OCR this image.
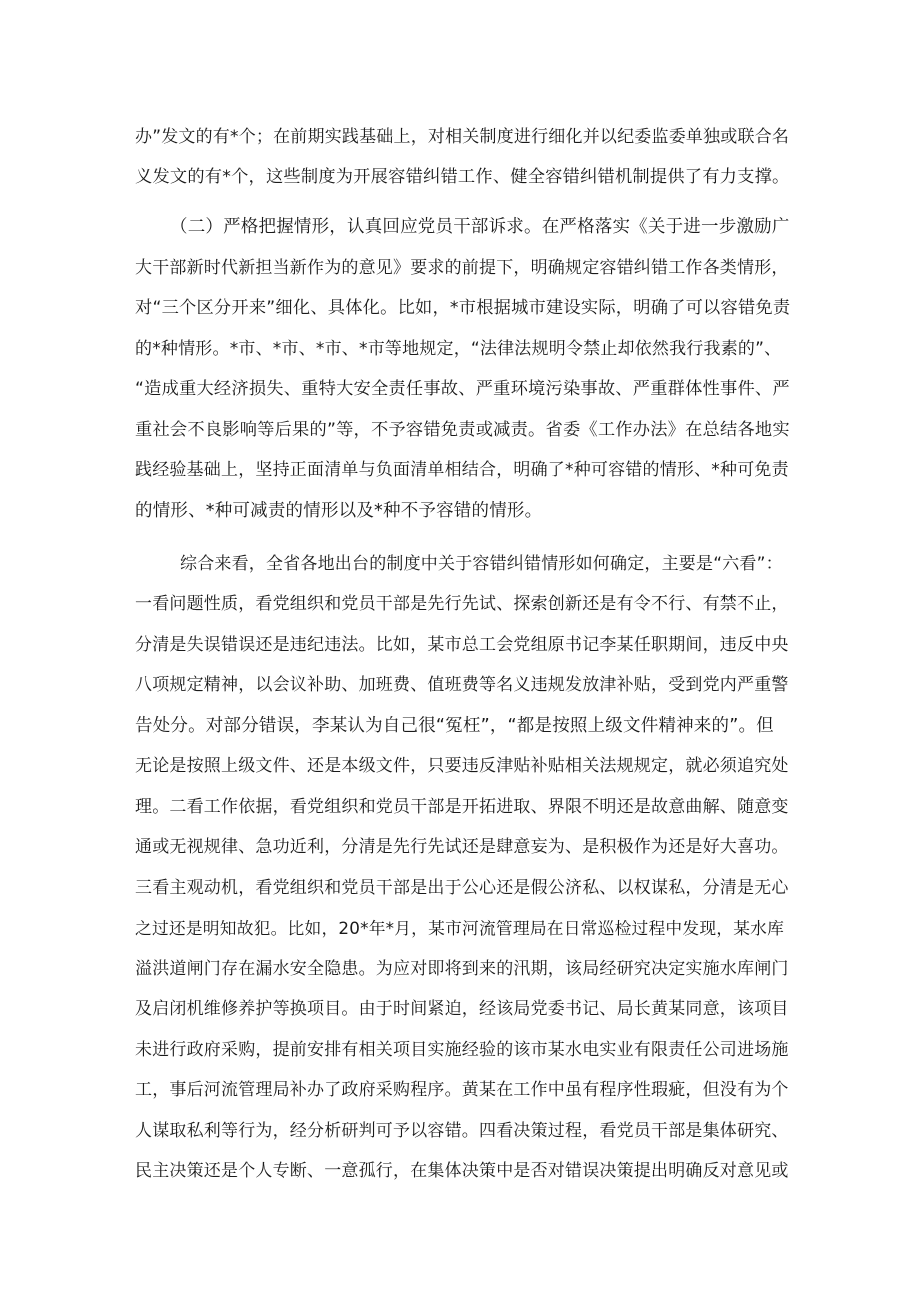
办”发文的有*个；在前期实践基础上，对相关制度进行细化并以纪委监委单独或联合名
义发文的有*个，这些制度为开展容错纠错工作、健全容错纠错机制提供了有力支撑。
（二）严格把握情形，认真回应党员干部诉求。在严格落实《关于进一步激励广
大干部新时代新担当新作为的意见》要求的前提下，明确规定容错纠错工作各类情形，
对“三个区分开来”细化、具体化。比如，*市根据城市建设实际，明确了可以容错免责
的*种情形。*市、*市、*市、*市等地规定，“法律法规明令禁止却依然我行我素的”、
“造成重大经济损失、重特大安全责任事故、严重环境污染事故、严重群体性事件、严
重社会不良影响等后果的”等，不予容错免责或减责。省委《工作办法》在总结各地实
践经验基础上，坚持正面清单与负面清单相结合，明确了*种可容错的情形、*种可免责
的情形、*种可减责的情形以及*种不予容错的情形。
综合来看，全省各地出台的制度中关于容错纠错情形如何确定，主要是“六看”：
一看问题性质，看党组织和党员干部是先行先试、探索创新还是有令不行、有禁不止，
分清是失误错误还是违纪违法。比如，某市总工会党组原书记李某任职期间，违反中央
八项规定精神，以会议补助、加班费、值班费等名义违规发放津补贴，受到党内严重警
告处分。对部分错误，李某认为自己很“冤枉”，“都是按照上级文件精神来的”。但
无论是按照上级文件、还是本级文件，只要违反津贴补贴相关法规规定，就必须追究处
理。二看工作依据，看党组织和党员干部是开拓进取、界限不明还是故意曲解、随意变
通或无视规律、急功近利，分清是先行先试还是肆意妄为、是积极作为还是好大喜功。
三看主观动机，看党组织和党员干部是出于公心还是假公济私、以权谋私，分清是无心
之过还是明知故犯。比如，20*年*月，某市河流管理局在日常巡检过程中发现，某水库
溢洪道闸门存在漏水安全隐患。为应对即将到来的汛期，该局经研究决定实施水库闸门
及启闭机维修养护等换项目。由于时间紧迫，经该局党委书记、局长黄某同意，该项目
未进行政府采购，提前安排有相关项目实施经验的该市某水电实业有限责任公司进场施
工，事后河流管理局补办了政府采购程序。黄某在工作中虽有程序性瑕疵，但没有为个
人谋取私利等行为，经分析研判可予以容错。四看决策过程，看党员干部是集体研究、
民主决策还是个人专断、一意孤行，在集体决策中是否对错误决策提出明确反对意见或
